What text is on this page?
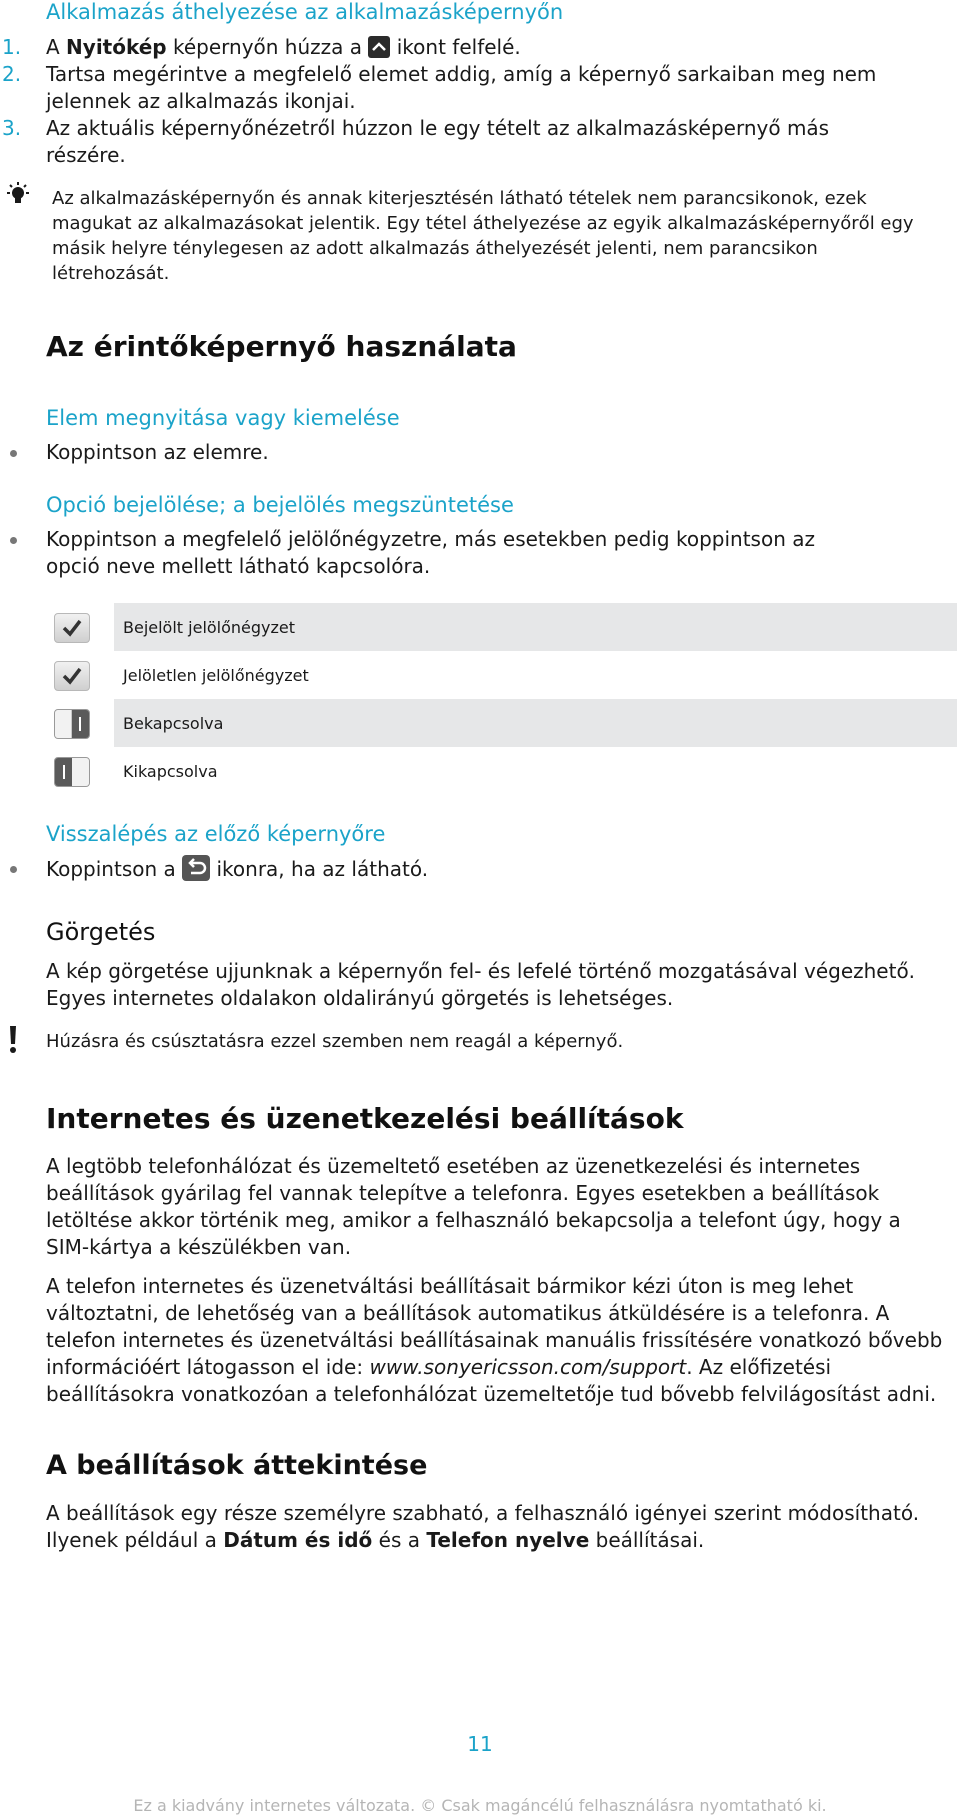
Alkalmazás áthelyezése az alkalmazásképernyőn
1. A Nyitókép képernyőn húzza a  ikont felfelé.
2. Tartsa megérintve a megfelelő elemet addig, amíg a képernyő sarkaiban meg nem
jelennek az alkalmazás ikonjai.
3. Az aktuális képernyőnézetről húzzon le egy tételt az alkalmazásképernyő más
részére.
Az alkalmazásképernyőn és annak kiterjesztésén látható tételek nem parancsikonok, ezek
magukat az alkalmazásokat jelentik. Egy tétel áthelyezése az egyik alkalmazásképernyőről egy
másik helyre ténylegesen az adott alkalmazás áthelyezését jelenti, nem parancsikon
létrehozását.
Az érintőképernyő használata
Elem megnyitása vagy kiemelése
Koppintson az elemre.
Opció bejelölése; a bejelölés megszüntetése
Koppintson a megfelelő jelölőnégyzetre, más esetekben pedig koppintson az
opció neve mellett látható kapcsolóra.
Bejelölt jelölőnégyzet
Jelöletlen jelölőnégyzet
Bekapcsolva
Kikapcsolva
Visszalépés az előző képernyőre
Koppintson a  ikonra, ha az látható.
Görgetés
A kép görgetése ujjunknak a képernyőn fel- és lefelé történő mozgatásával végezhető.
Egyes internetes oldalakon oldalirányú görgetés is lehetséges.
Húzásra és csúsztatásra ezzel szemben nem reagál a képernyő.
Internetes és üzenetkezelési beállítások
A legtöbb telefonhálózat és üzemeltető esetében az üzenetkezelési és internetes
beállítások gyárilag fel vannak telepítve a telefonra. Egyes esetekben a beállítások
letöltése akkor történik meg, amikor a felhasználó bekapcsolja a telefont úgy, hogy a
SIM-kártya a készülékben van.
A telefon internetes és üzenetváltási beállításait bármikor kézi úton is meg lehet
változtatni, de lehetőség van a beállítások automatikus átküldésére is a telefonra. A
telefon internetes és üzenetváltási beállításainak manuális frissítésére vonatkozó bővebb
információért látogasson el ide: www.sonyericsson.com/support. Az előfizetési
beállításokra vonatkozóan a telefonhálózat üzemeltetője tud bővebb felvilágosítást adni.
A beállítások áttekintése
A beállítások egy része személyre szabható, a felhasználó igényei szerint módosítható.
Ilyenek például a Dátum és idő és a Telefon nyelve beállításai.
11
Ez a kiadvány internetes változata. © Csak magáncélú felhasználásra nyomtatható ki.
